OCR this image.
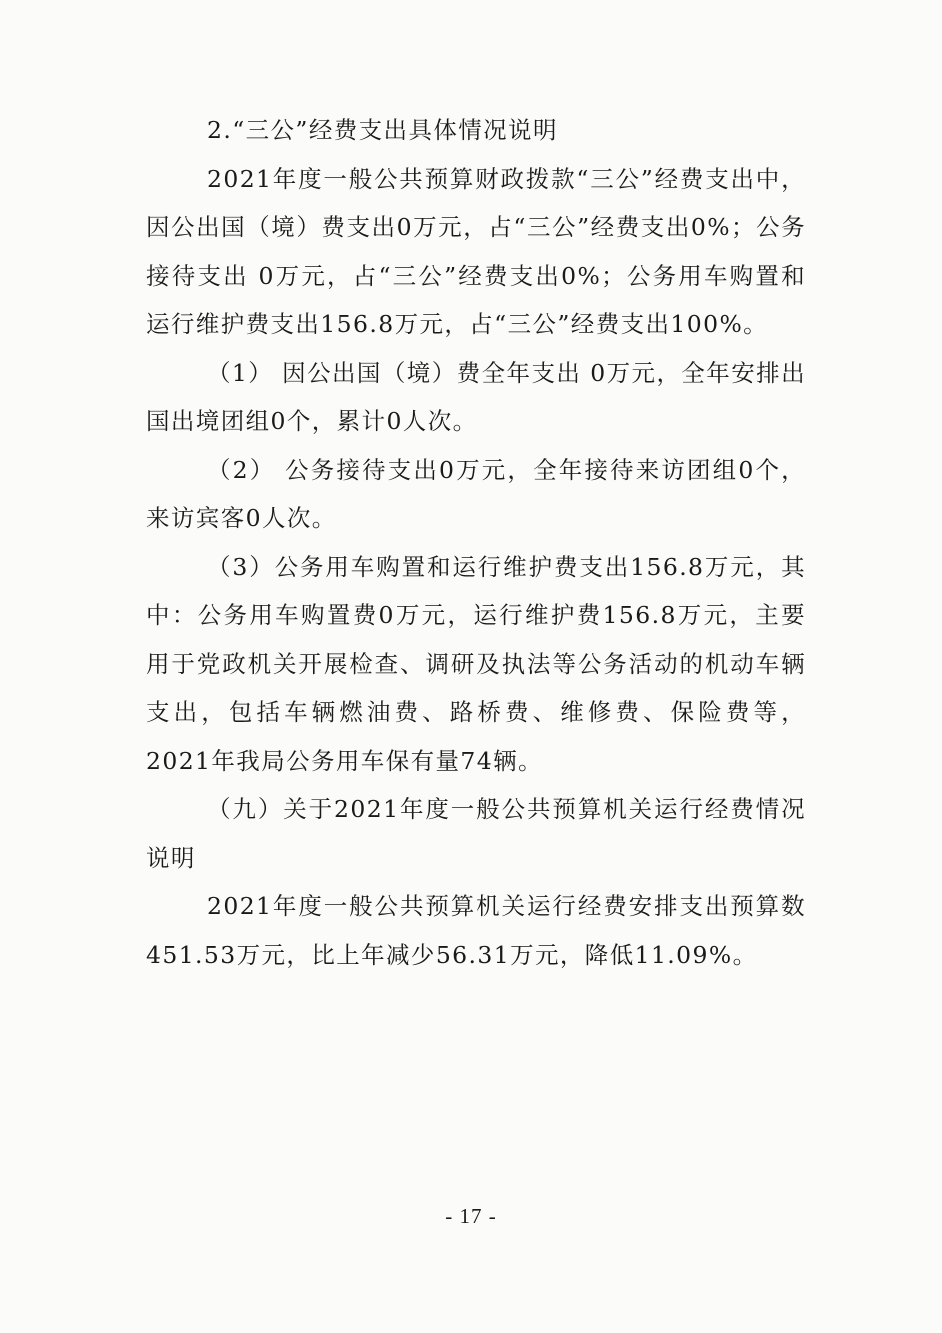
2.“三公”经费支出具体情况说明

2021年度一般公共预算财政拨款“三公”经费支出中，因公出国（境）费支出0万元，占“三公”经费支出0%；公务接待支出 0万元，占“三公”经费支出0%；公务用车购置和运行维护费支出156.8万元，占“三公”经费支出100%。

（1） 因公出国（境）费全年支出 0万元，全年安排出国出境团组0个，累计0人次。

（2） 公务接待支出0万元，全年接待来访团组0个，来访宾客0人次。

（3）公务用车购置和运行维护费支出156.8万元，其中：公务用车购置费0万元，运行维护费156.8万元，主要用于党政机关开展检查、调研及执法等公务活动的机动车辆支出，包括车辆燃油费、路桥费、维修费、保险费等，2021年我局公务用车保有量74辆。

（九）关于2021年度一般公共预算机关运行经费情况说明

2021年度一般公共预算机关运行经费安排支出预算数451.53万元，比上年减少56.31万元，降低11.09%。

- 17 -
